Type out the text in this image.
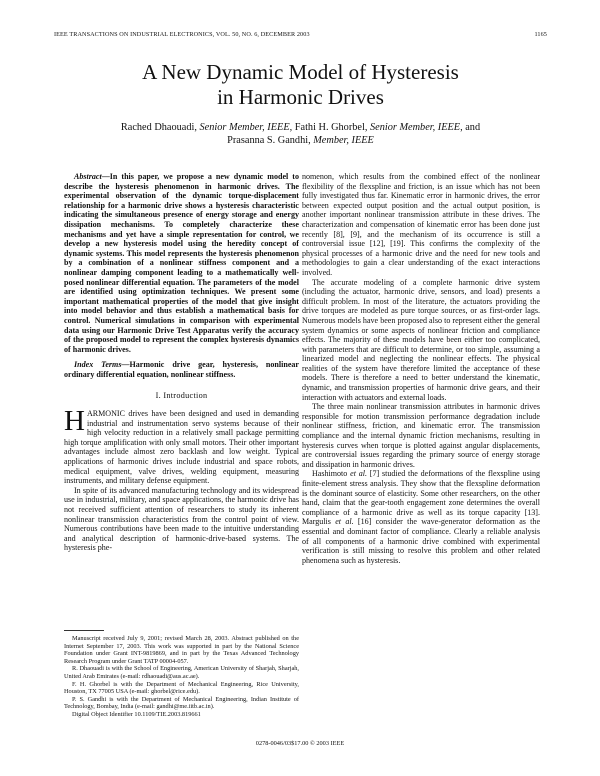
IEEE TRANSACTIONS ON INDUSTRIAL ELECTRONICS, VOL. 50, NO. 6, DECEMBER 2003	1165
A New Dynamic Model of Hysteresis
in Harmonic Drives
Rached Dhaouadi, Senior Member, IEEE, Fathi H. Ghorbel, Senior Member, IEEE, and
Prasanna S. Gandhi, Member, IEEE

Abstract—In this paper, we propose a new dynamic model to describe the hysteresis phenomenon in harmonic drives. The experimental observation of the dynamic torque-displacement relationship for a harmonic drive shows a hysteresis characteristic indicating the simultaneous presence of energy storage and energy dissipation mechanisms. To completely characterize these mechanisms and yet have a simple representation for control, we develop a new hysteresis model using the heredity concept of dynamic systems. This model represents the hysteresis phenomenon by a combination of a nonlinear stiffness component and a nonlinear damping component leading to a mathematically well-posed nonlinear differential equation. The parameters of the model are identified using optimization techniques. We present some important mathematical properties of the model that give insight into model behavior and thus establish a mathematical basis for control. Numerical simulations in comparison with experimental data using our Harmonic Drive Test Apparatus verify the accuracy of the proposed model to represent the complex hysteresis dynamics of harmonic drives.

Index Terms—Harmonic drive gear, hysteresis, nonlinear ordinary differential equation, nonlinear stiffness.

I. Introduction

HARMONIC drives have been designed and used in demanding industrial and instrumentation servo systems because of their high velocity reduction in a relatively small package permitting high torque amplification with only small motors. Their other important advantages include almost zero backlash and low weight. Typical applications of harmonic drives include industrial and space robots, medical equipment, valve drives, welding equipment, measuring instruments, and military defense equipment.

In spite of its advanced manufacturing technology and its widespread use in industrial, military, and space applications, the harmonic drive has not received sufficient attention of researchers to study its inherent nonlinear transmission characteristics from the control point of view. Numerous contributions have been made to the intuitive understanding and analytical description of harmonic-drive-based systems. The hysteresis phe-

Manuscript received July 9, 2001; revised March 28, 2003. Abstract published on the Internet September 17, 2003. This work was supported in part by the National Science Foundation under Grant INT-9819869, and in part by the Texas Advanced Technology Research Program under Grant TATP 00004-057.

R. Dhaouadi is with the School of Engineering, American University of Sharjah, Sharjah, United Arab Emirates (e-mail: rdhaouadi@aus.ac.ae).

F. H. Ghorbel is with the Department of Mechanical Engineering, Rice University, Houston, TX 77005 USA (e-mail: ghorbel@rice.edu).

P. S. Gandhi is with the Department of Mechanical Engineering, Indian Institute of Technology, Bombay, India (e-mail: gandhi@me.iitb.ac.in).

Digital Object Identifier 10.1109/TIE.2003.819661

nomenon, which results from the combined effect of the nonlinear flexibility of the flexspline and friction, is an issue which has not been fully investigated thus far. Kinematic error in harmonic drives, the error between expected output position and the actual output position, is another important nonlinear transmission attribute in these drives. The characterization and compensation of kinematic error has been done just recently [8], [9], and the mechanism of its occurrence is still a controversial issue [12], [19]. This confirms the complexity of the physical processes of a harmonic drive and the need for new tools and methodologies to gain a clear understanding of the exact interactions involved.

The accurate modeling of a complete harmonic drive system (including the actuator, harmonic drive, sensors, and load) presents a difficult problem. In most of the literature, the actuators providing the drive torques are modeled as pure torque sources, or as first-order lags. Numerous models have been proposed also to represent either the general system dynamics or some aspects of nonlinear friction and compliance effects. The majority of these models have been either too complicated, with parameters that are difficult to determine, or too simple, assuming a linearized model and neglecting the nonlinear effects. The physical realities of the system have therefore limited the acceptance of these models. There is therefore a need to better understand the kinematic, dynamic, and transmission properties of harmonic drive gears, and their interaction with actuators and external loads.

The three main nonlinear transmission attributes in harmonic drives responsible for motion transmission performance degradation include nonlinear stiffness, friction, and kinematic error. The transmission compliance and the internal dynamic friction mechanisms, resulting in hysteresis curves when torque is plotted against angular displacements, are controversial issues regarding the primary source of energy storage and dissipation in harmonic drives.

Hashimoto et al. [7] studied the deformations of the flexspline using finite-element stress analysis. They show that the flexspline deformation is the dominant source of elasticity. Some other researchers, on the other hand, claim that the gear-tooth engagement zone determines the overall compliance of a harmonic drive as well as its torque capacity [13]. Margulis et al. [16] consider the wave-generator deformation as the essential and dominant factor of compliance. Clearly a reliable analysis of all components of a harmonic drive combined with experimental verification is still missing to resolve this problem and other related phenomena such as hysteresis.

0278-0046/03$17.00 © 2003 IEEE
